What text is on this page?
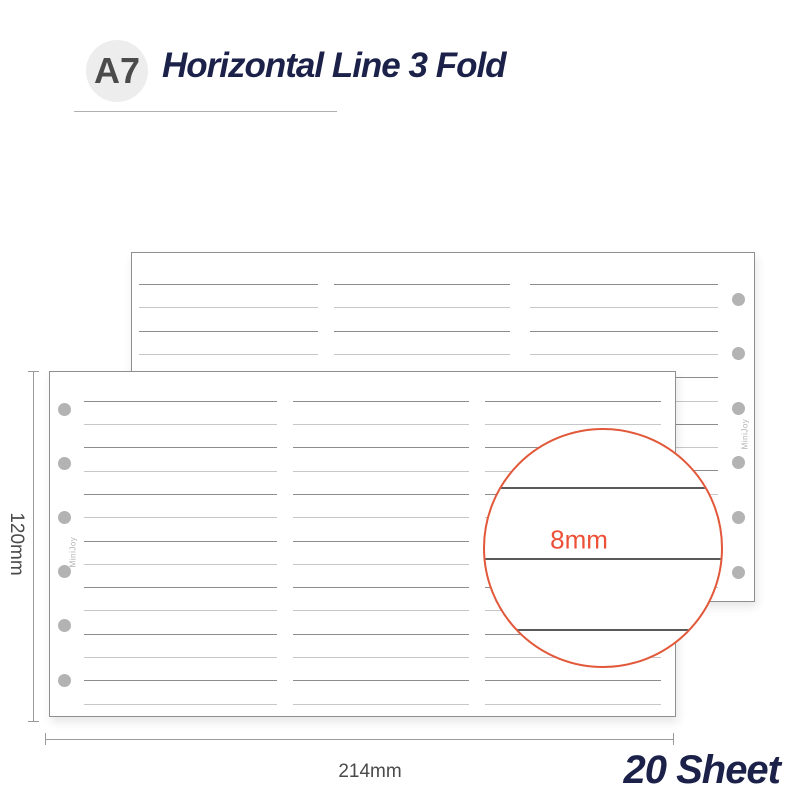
A7 Horizontal Line 3 Fold
MiniJoy
MiniJoy	8mm
120mm
214mm	20 Sheet
